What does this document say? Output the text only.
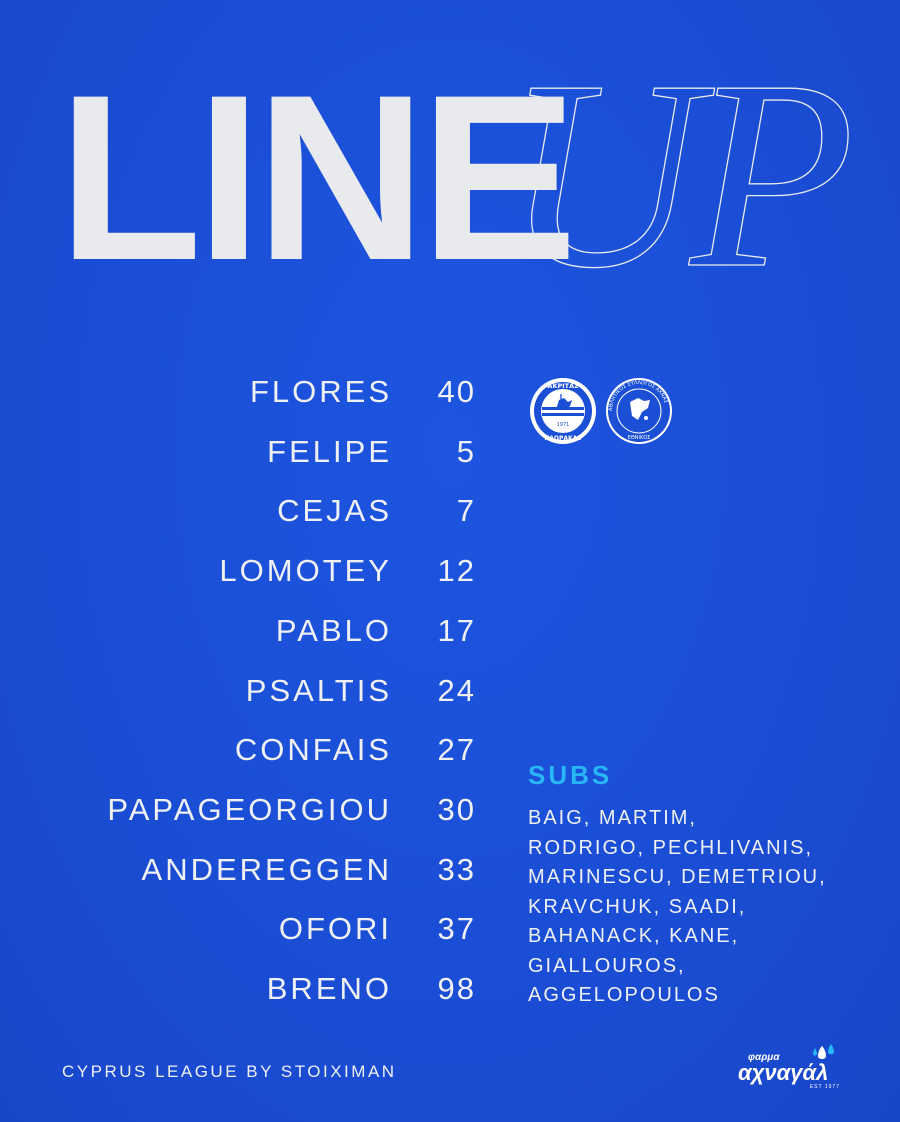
LINE
UP
FLORES	40
FELIPE	5
CEJAS	7
LOMOTEY	12
PABLO	17
PSALTIS	24
CONFAIS	27
PAPAGEORGIOU	30
ANDEREGGEN	33
OFORI	37
BRENO	98
ΑΚΡΙΤΑΣ
1971
ΧΛΩΡΑΚΑΣ
ΑΘΛΗΤΙΚΟΣ ΣΥΛΛΟΓΟΣ ΑΧΝΑΣ
ΕΘΝΙΚΟΣ
SUBS
BAIG, MARTIM,
RODRIGO, PECHLIVANIS,
MARINESCU, DEMETRIOU,
KRAVCHUK, SAADI,
BAHANACK, KANE,
GIALLOUROS,
AGGELOPOULOS
CYPRUS LEAGUE BY STOIXIMAN
φαρμα
αχναγάλ
EST 1977
